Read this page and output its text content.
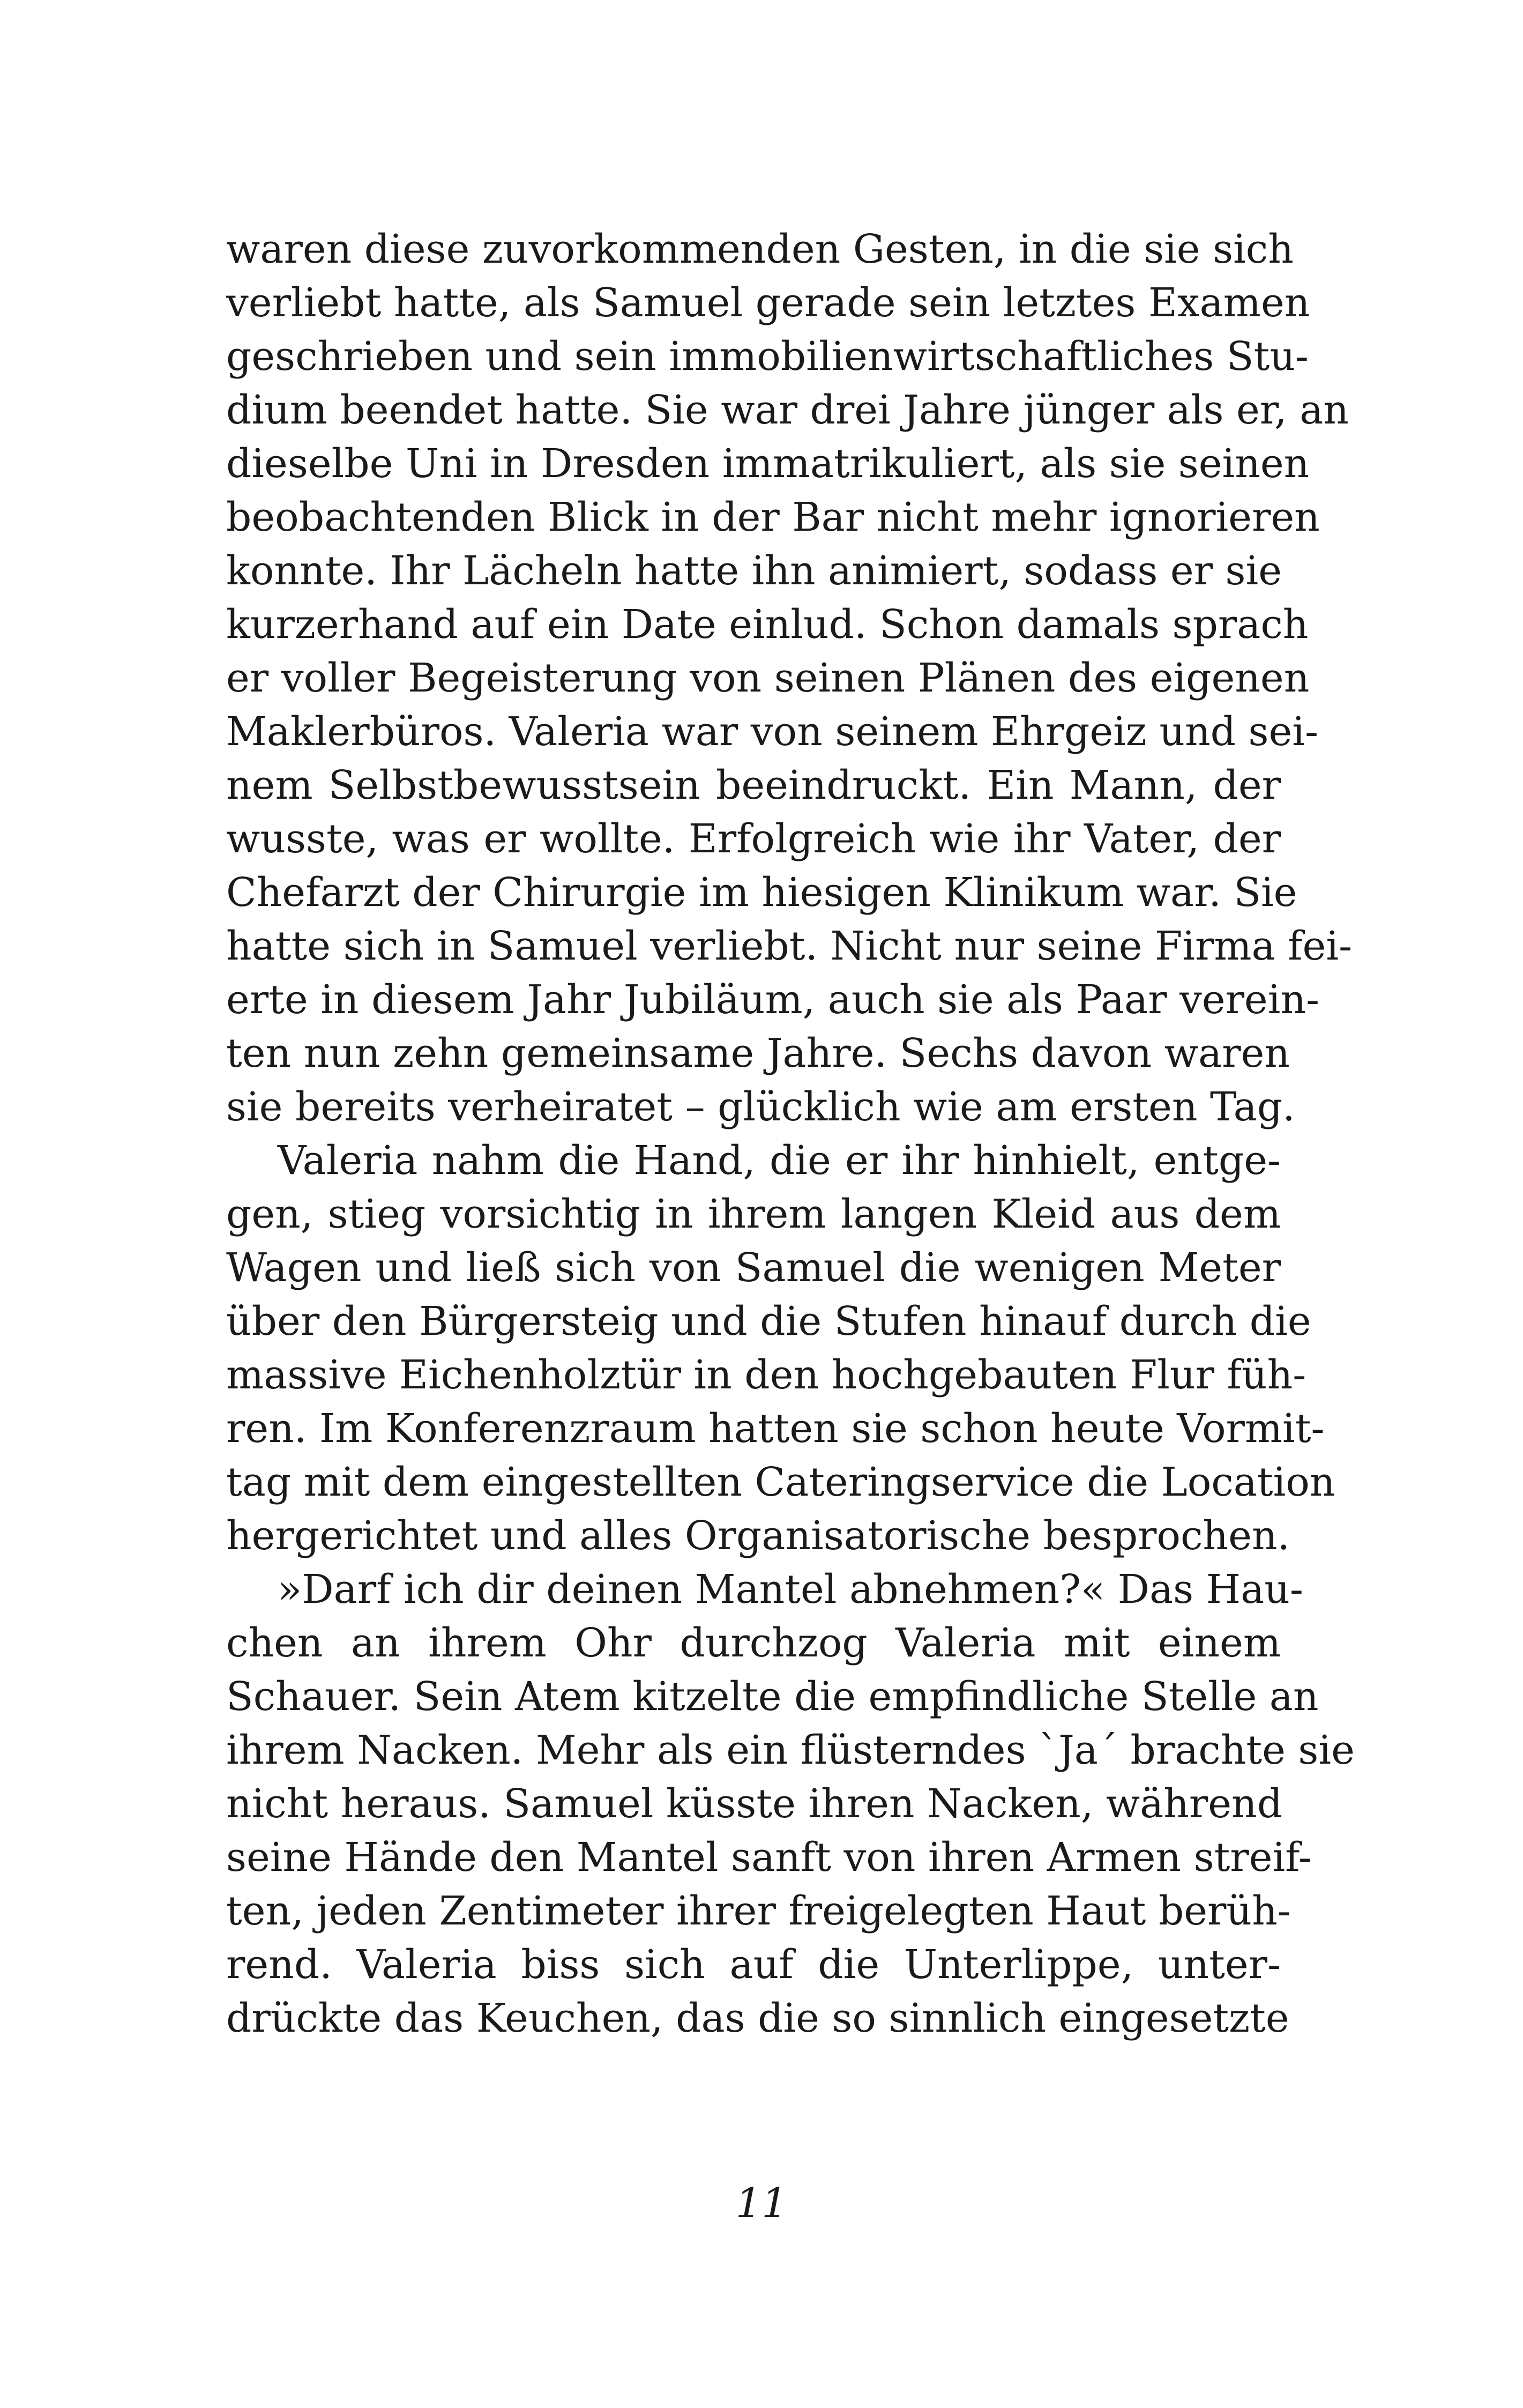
waren diese zuvorkommenden Gesten, in die sie sich
verliebt hatte, als Samuel gerade sein letztes Examen
geschrieben und sein immobilienwirtschaftliches Stu-
dium beendet hatte. Sie war drei Jahre jünger als er, an
dieselbe Uni in Dresden immatrikuliert, als sie seinen
beobachtenden Blick in der Bar nicht mehr ignorieren
konnte. Ihr Lächeln hatte ihn animiert, sodass er sie
kurzerhand auf ein Date einlud. Schon damals sprach
er voller Begeisterung von seinen Plänen des eigenen
Maklerbüros. Valeria war von seinem Ehrgeiz und sei-
nem Selbstbewusstsein beeindruckt. Ein Mann, der
wusste, was er wollte. Erfolgreich wie ihr Vater, der
Chefarzt der Chirurgie im hiesigen Klinikum war. Sie
hatte sich in Samuel verliebt. Nicht nur seine Firma fei-
erte in diesem Jahr Jubiläum, auch sie als Paar verein-
ten nun zehn gemeinsame Jahre. Sechs davon waren
sie bereits verheiratet – glücklich wie am ersten Tag.
Valeria nahm die Hand, die er ihr hinhielt, entge-
gen, stieg vorsichtig in ihrem langen Kleid aus dem
Wagen und ließ sich von Samuel die wenigen Meter
über den Bürgersteig und die Stufen hinauf durch die
massive Eichenholztür in den hochgebauten Flur füh-
ren. Im Konferenzraum hatten sie schon heute Vormit-
tag mit dem eingestellten Cateringservice die Location
hergerichtet und alles Organisatorische besprochen.
»Darf ich dir deinen Mantel abnehmen?« Das Hau-
chen an ihrem Ohr durchzog Valeria mit einem
Schauer. Sein Atem kitzelte die empfindliche Stelle an
ihrem Nacken. Mehr als ein flüsterndes `Ja´ brachte sie
nicht heraus. Samuel küsste ihren Nacken, während
seine Hände den Mantel sanft von ihren Armen streif-
ten, jeden Zentimeter ihrer freigelegten Haut berüh-
rend. Valeria biss sich auf die Unterlippe, unter-
drückte das Keuchen, das die so sinnlich eingesetzte
11
